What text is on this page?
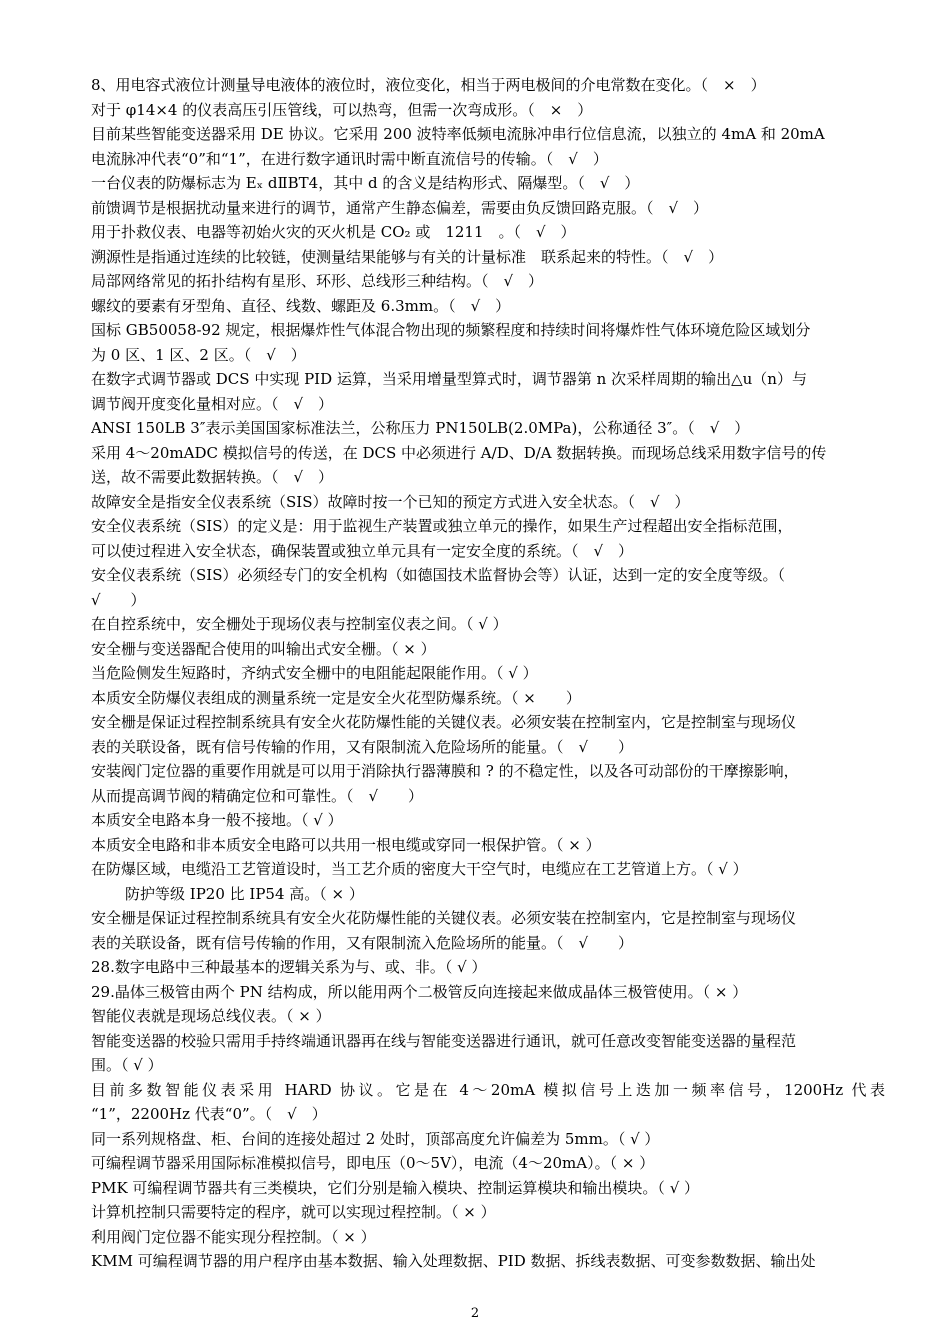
8、用电容式液位计测量导电液体的液位时，液位变化，相当于两电极间的介电常数在变化。（　×　）
对于 φ14×4 的仪表高压引压管线，可以热弯，但需一次弯成形。（　×　）
目前某些智能变送器采用 DE 协议。它采用 200 波特率低频电流脉冲串行位信息流，以独立的 4mA 和 20mA
电流脉冲代表“0”和“1”，在进行数字通讯时需中断直流信号的传输。（　√　）
一台仪表的防爆标志为 Eₓ dⅡBT4，其中 d 的含义是结构形式、隔爆型。（　√　）
前馈调节是根据扰动量来进行的调节，通常产生静态偏差，需要由负反馈回路克服。（　√　）
用于扑救仪表、电器等初始火灾的灭火机是 CO₂ 或　1211　。（　√　）
溯源性是指通过连续的比较链，使测量结果能够与有关的计量标准　联系起来的特性。（　√　）
局部网络常见的拓扑结构有星形、环形、总线形三种结构。（　√　）
螺纹的要素有牙型角、直径、线数、螺距及 6.3mm。（　√　）
国标 GB50058-92 规定，根据爆炸性气体混合物出现的频繁程度和持续时间将爆炸性气体环境危险区域划分
为 0 区、1 区、2 区。（　√　）
在数字式调节器或 DCS 中实现 PID 运算，当采用增量型算式时，调节器第 n 次采样周期的输出△u（n）与
调节阀开度变化量相对应。（　√　）
ANSI 150LB 3″表示美国国家标准法兰，公称压力 PN150LB(2.0MPa)，公称通径 3″。（　√　）
采用 4～20mADC 模拟信号的传送，在 DCS 中必须进行 A/D、D/A 数据转换。而现场总线采用数字信号的传
送，故不需要此数据转换。（　√　）
故障安全是指安全仪表系统（SIS）故障时按一个已知的预定方式进入安全状态。（　√　）
安全仪表系统（SIS）的定义是：用于监视生产装置或独立单元的操作，如果生产过程超出安全指标范围，
可以使过程进入安全状态，确保装置或独立单元具有一定安全度的系统。（　√　）
安全仪表系统（SIS）必须经专门的安全机构（如德国技术监督协会等）认证，达到一定的安全度等级。（
√　　）
在自控系统中，安全栅处于现场仪表与控制室仪表之间。（ √ ）
安全栅与变送器配合使用的叫输出式安全栅。（ × ）
当危险侧发生短路时，齐纳式安全栅中的电阻能起限能作用。（ √ ）
本质安全防爆仪表组成的测量系统一定是安全火花型防爆系统。（ ×　　）
安全栅是保证过程控制系统具有安全火花防爆性能的关键仪表。必须安装在控制室内，它是控制室与现场仪
表的关联设备，既有信号传输的作用，又有限制流入危险场所的能量。（　√　　）
安装阀门定位器的重要作用就是可以用于消除执行器薄膜和 ? 的不稳定性，以及各可动部份的干摩擦影响，
从而提高调节阀的精确定位和可靠性。（　√　　）
本质安全电路本身一般不接地。（ √ ）
本质安全电路和非本质安全电路可以共用一根电缆或穿同一根保护管。（ × ）
在防爆区域，电缆沿工艺管道设时，当工艺介质的密度大干空气时，电缆应在工艺管道上方。（ √ ）
防护等级 IP20 比 IP54 高。（ × ）
安全栅是保证过程控制系统具有安全火花防爆性能的关键仪表。必须安装在控制室内，它是控制室与现场仪
表的关联设备，既有信号传输的作用，又有限制流入危险场所的能量。（　√　　）
28.数字电路中三种最基本的逻辑关系为与、或、非。（ √ ）
29.晶体三极管由两个 PN 结构成，所以能用两个二极管反向连接起来做成晶体三极管使用。（ × ）
智能仪表就是现场总线仪表。（ × ）
智能变送器的校验只需用手持终端通讯器再在线与智能变送器进行通讯，就可任意改变智能变送器的量程范
围。（ √ ）
目前多数智能仪表采用 HARD 协议。它是在 4～20mA 模拟信号上迭加一频率信号，1200Hz 代表
“1”，2200Hz 代表“0”。（　√　）
同一系列规格盘、柜、台间的连接处超过 2 处时，顶部高度允许偏差为 5mm。（ √ ）
可编程调节器采用国际标准模拟信号，即电压（0～5V），电流（4～20mA）。（ × ）
PMK 可编程调节器共有三类模块，它们分别是输入模块、控制运算模块和输出模块。（ √ ）
计算机控制只需要特定的程序，就可以实现过程控制。（ × ）
利用阀门定位器不能实现分程控制。（ × ）
KMM 可编程调节器的用户程序由基本数据、输入处理数据、PID 数据、拆线表数据、可变参数数据、输出处
2
